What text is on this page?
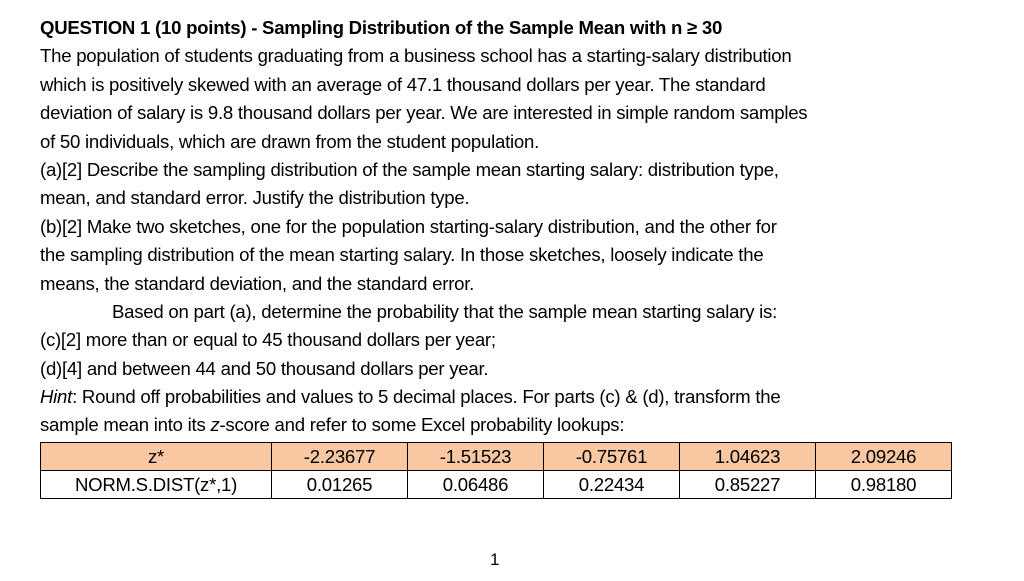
QUESTION 1 (10 points) - Sampling Distribution of the Sample Mean with n ≥ 30
The population of students graduating from a business school has a starting-salary distribution
which is positively skewed with an average of 47.1 thousand dollars per year. The standard
deviation of salary is 9.8 thousand dollars per year. We are interested in simple random samples
of 50 individuals, which are drawn from the student population.
(a)[2] Describe the sampling distribution of the sample mean starting salary: distribution type,
mean, and standard error. Justify the distribution type.
(b)[2] Make two sketches, one for the population starting-salary distribution, and the other for
the sampling distribution of the mean starting salary. In those sketches, loosely indicate the
means, the standard deviation, and the standard error.
Based on part (a), determine the probability that the sample mean starting salary is:
(c)[2] more than or equal to 45 thousand dollars per year;
(d)[4] and between 44 and 50 thousand dollars per year.
Hint: Round off probabilities and values to 5 decimal places. For parts (c) & (d), transform the
sample mean into its z-score and refer to some Excel probability lookups:
z*	-2.23677	-1.51523	-0.75761	1.04623	2.09246
NORM.S.DIST(z*,1)	0.01265	0.06486	0.22434	0.85227	0.98180
1
